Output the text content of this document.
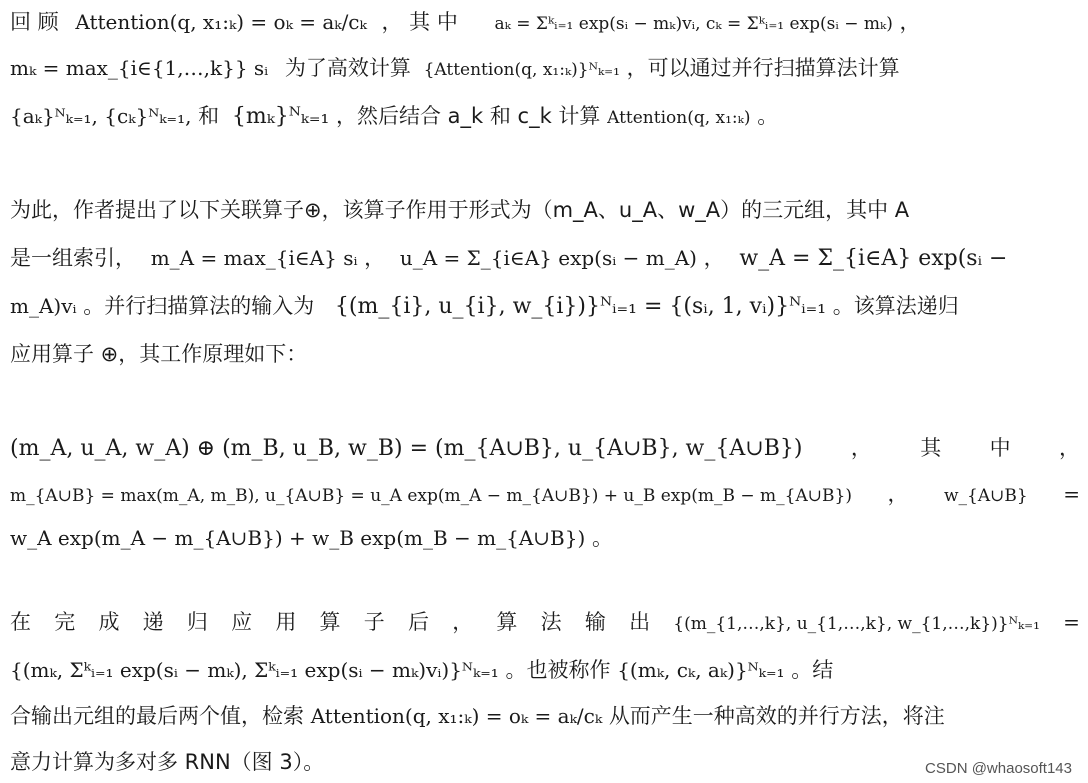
回 顾 Attention(q, x₁:ₖ) = oₖ = aₖ/cₖ ， 其 中 aₖ = Σᵏᵢ₌₁ exp(sᵢ − mₖ)vᵢ, cₖ = Σᵏᵢ₌₁ exp(sᵢ − mₖ) ，
mₖ = max_{i∈{1,…,k}} sᵢ 为了高效计算 {Attention(q, x₁:ₖ)}ᴺₖ₌₁ ，可以通过并行扫描算法计算
{aₖ}ᴺₖ₌₁, {cₖ}ᴺₖ₌₁, 和 {mₖ}ᴺₖ₌₁ ，然后结合 a_k 和 c_k 计算 Attention(q, x₁:ₖ) 。
为此，作者提出了以下关联算子⊕，该算子作用于形式为（m_A、u_A、w_A）的三元组，其中 A
是一组索引， m_A = max_{i∈A} sᵢ ， u_A = Σ_{i∈A} exp(sᵢ − m_A) ， w_A = Σ_{i∈A} exp(sᵢ −
m_A)vᵢ 。并行扫描算法的输入为 {(m_{i}, u_{i}, w_{i})}ᴺᵢ₌₁ = {(sᵢ, 1, vᵢ)}ᴺᵢ₌₁ 。该算法递归
应用算子 ⊕，其工作原理如下：
(m_A, u_A, w_A) ⊕ (m_B, u_B, w_B) = (m_{A∪B}, u_{A∪B}, w_{A∪B}) ， 其 中 ，
m_{A∪B} = max(m_A, m_B), u_{A∪B} = u_A exp(m_A − m_{A∪B}) + u_B exp(m_B − m_{A∪B}) ， w_{A∪B} =
w_A exp(m_A − m_{A∪B}) + w_B exp(m_B − m_{A∪B}) 。
在 完 成 递 归 应 用 算 子 后 ， 算 法 输 出 {(m_{1,…,k}, u_{1,…,k}, w_{1,…,k})}ᴺₖ₌₁ =
{(mₖ, Σᵏᵢ₌₁ exp(sᵢ − mₖ), Σᵏᵢ₌₁ exp(sᵢ − mₖ)vᵢ)}ᴺₖ₌₁ 。也被称作 {(mₖ, cₖ, aₖ)}ᴺₖ₌₁ 。结
合输出元组的最后两个值，检索 Attention(q, x₁:ₖ) = oₖ = aₖ/cₖ 从而产生一种高效的并行方法，将注
意力计算为多对多 RNN（图 3）。	CSDN @whaosoft143
